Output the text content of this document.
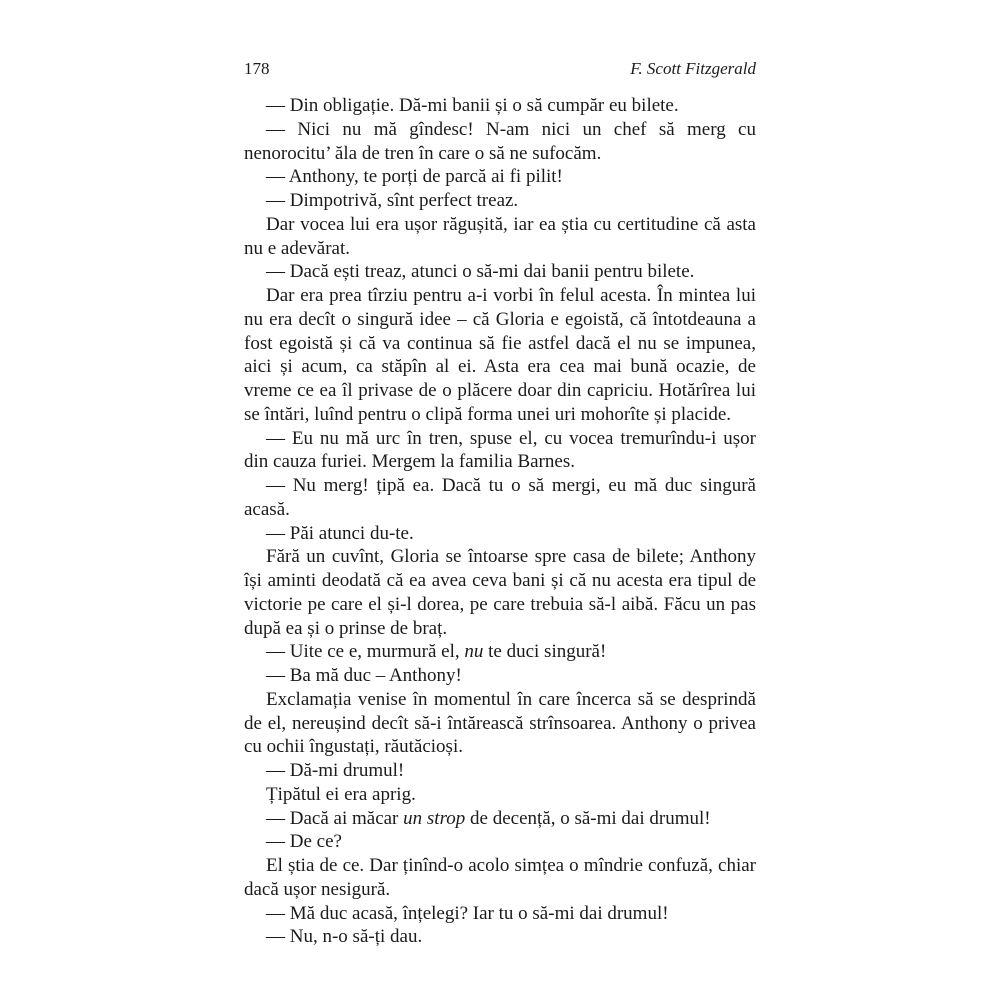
178	F. Scott Fitzgerald

— Din obligație. Dă-mi banii și o să cumpăr eu bilete.

— Nici nu mă gîndesc! N-am nici un chef să merg cu nenorocitu’ ăla de tren în care o să ne sufocăm.

— Anthony, te porți de parcă ai fi pilit!

— Dimpotrivă, sînt perfect treaz.

Dar vocea lui era ușor răgușită, iar ea știa cu certitudine că asta nu e adevărat.

— Dacă ești treaz, atunci o să-mi dai banii pentru bilete.

Dar era prea tîrziu pentru a-i vorbi în felul acesta. În mintea lui nu era decît o singură idee – că Gloria e egoistă, că întotdeauna a fost egoistă și că va continua să fie astfel dacă el nu se impunea, aici și acum, ca stăpîn al ei. Asta era cea mai bună ocazie, de vreme ce ea îl privase de o plăcere doar din capriciu. Hotărîrea lui se întări, luînd pentru o clipă forma unei uri mohorîte și placide.

— Eu nu mă urc în tren, spuse el, cu vocea tremurîndu-i ușor din cauza furiei. Mergem la familia Barnes.

— Nu merg! țipă ea. Dacă tu o să mergi, eu mă duc singură acasă.

— Păi atunci du-te.

Fără un cuvînt, Gloria se întoarse spre casa de bilete; Anthony își aminti deodată că ea avea ceva bani și că nu acesta era tipul de victorie pe care el și-l dorea, pe care trebuia să-l aibă. Făcu un pas după ea și o prinse de braț.

— Uite ce e, murmură el, nu te duci singură!

— Ba mă duc – Anthony!

Exclamația venise în momentul în care încerca să se desprindă de el, nereușind decît să-i întărească strînsoarea. Anthony o privea cu ochii îngustați, răutăcioși.

— Dă-mi drumul!

Țipătul ei era aprig.

— Dacă ai măcar un strop de decență, o să-mi dai drumul!

— De ce?

El știa de ce. Dar ținînd-o acolo simțea o mîndrie confuză, chiar dacă ușor nesigură.

— Mă duc acasă, înțelegi? Iar tu o să-mi dai drumul!

— Nu, n-o să-ți dau.
